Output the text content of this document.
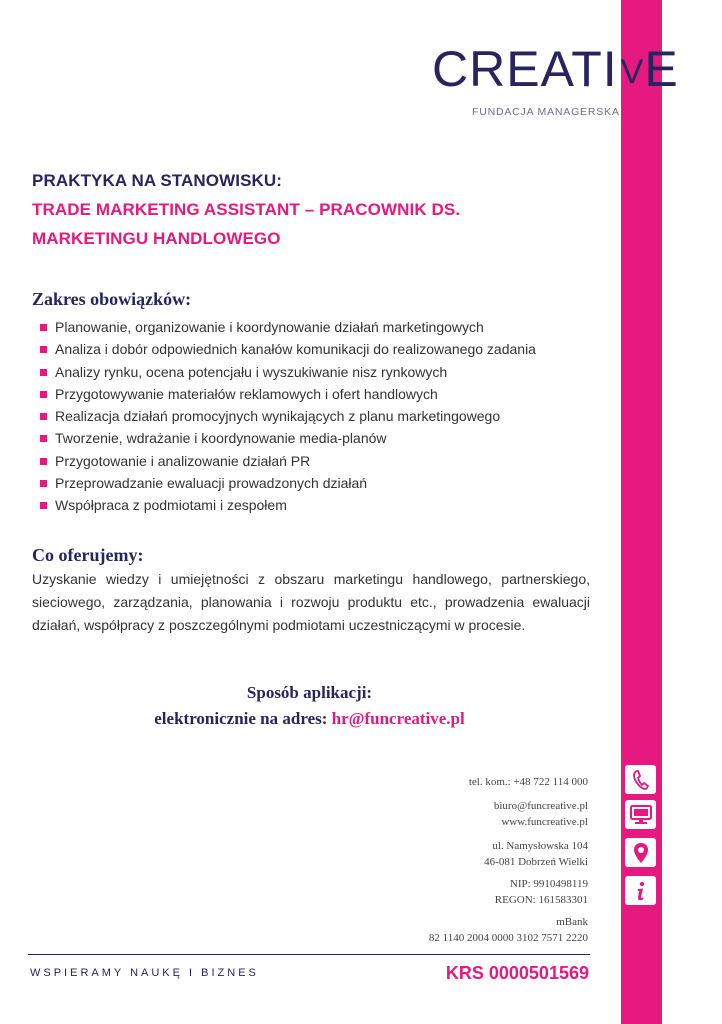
CREATIVE
FUNDACJA MANAGERSKA
PRAKTYKA NA STANOWISKU:
TRADE MARKETING ASSISTANT – PRACOWNIK DS.
MARKETINGU HANDLOWEGO
Zakres obowiązków:
Planowanie, organizowanie i koordynowanie działań marketingowych
Analiza i dobór odpowiednich kanałów komunikacji do realizowanego zadania
Analizy rynku, ocena potencjału i wyszukiwanie nisz rynkowych
Przygotowywanie materiałów reklamowych i ofert handlowych
Realizacja działań promocyjnych wynikających z planu marketingowego
Tworzenie, wdrażanie i koordynowanie media-planów
Przygotowanie i analizowanie działań PR
Przeprowadzanie ewaluacji prowadzonych działań
Współpraca z podmiotami i zespołem
Co oferujemy:
Uzyskanie wiedzy i umiejętności z obszaru marketingu handlowego, partnerskiego, sieciowego, zarządzania, planowania i rozwoju produktu etc., prowadzenia ewaluacji działań, współpracy z poszczególnymi podmiotami uczestniczącymi w procesie.
Sposób aplikacji:
elektronicznie na adres: hr@funcreative.pl
tel. kom.: +48 722 114 000
biuro@funcreative.pl
www.funcreative.pl
ul. Namysłowska 104
46-081 Dobrzeń Wielki
NIP: 9910498119
REGON: 161583301
mBank
82 1140 2004 0000 3102 7571 2220
WSPIERAMY NAUKĘ I BIZNES	KRS 0000501569
